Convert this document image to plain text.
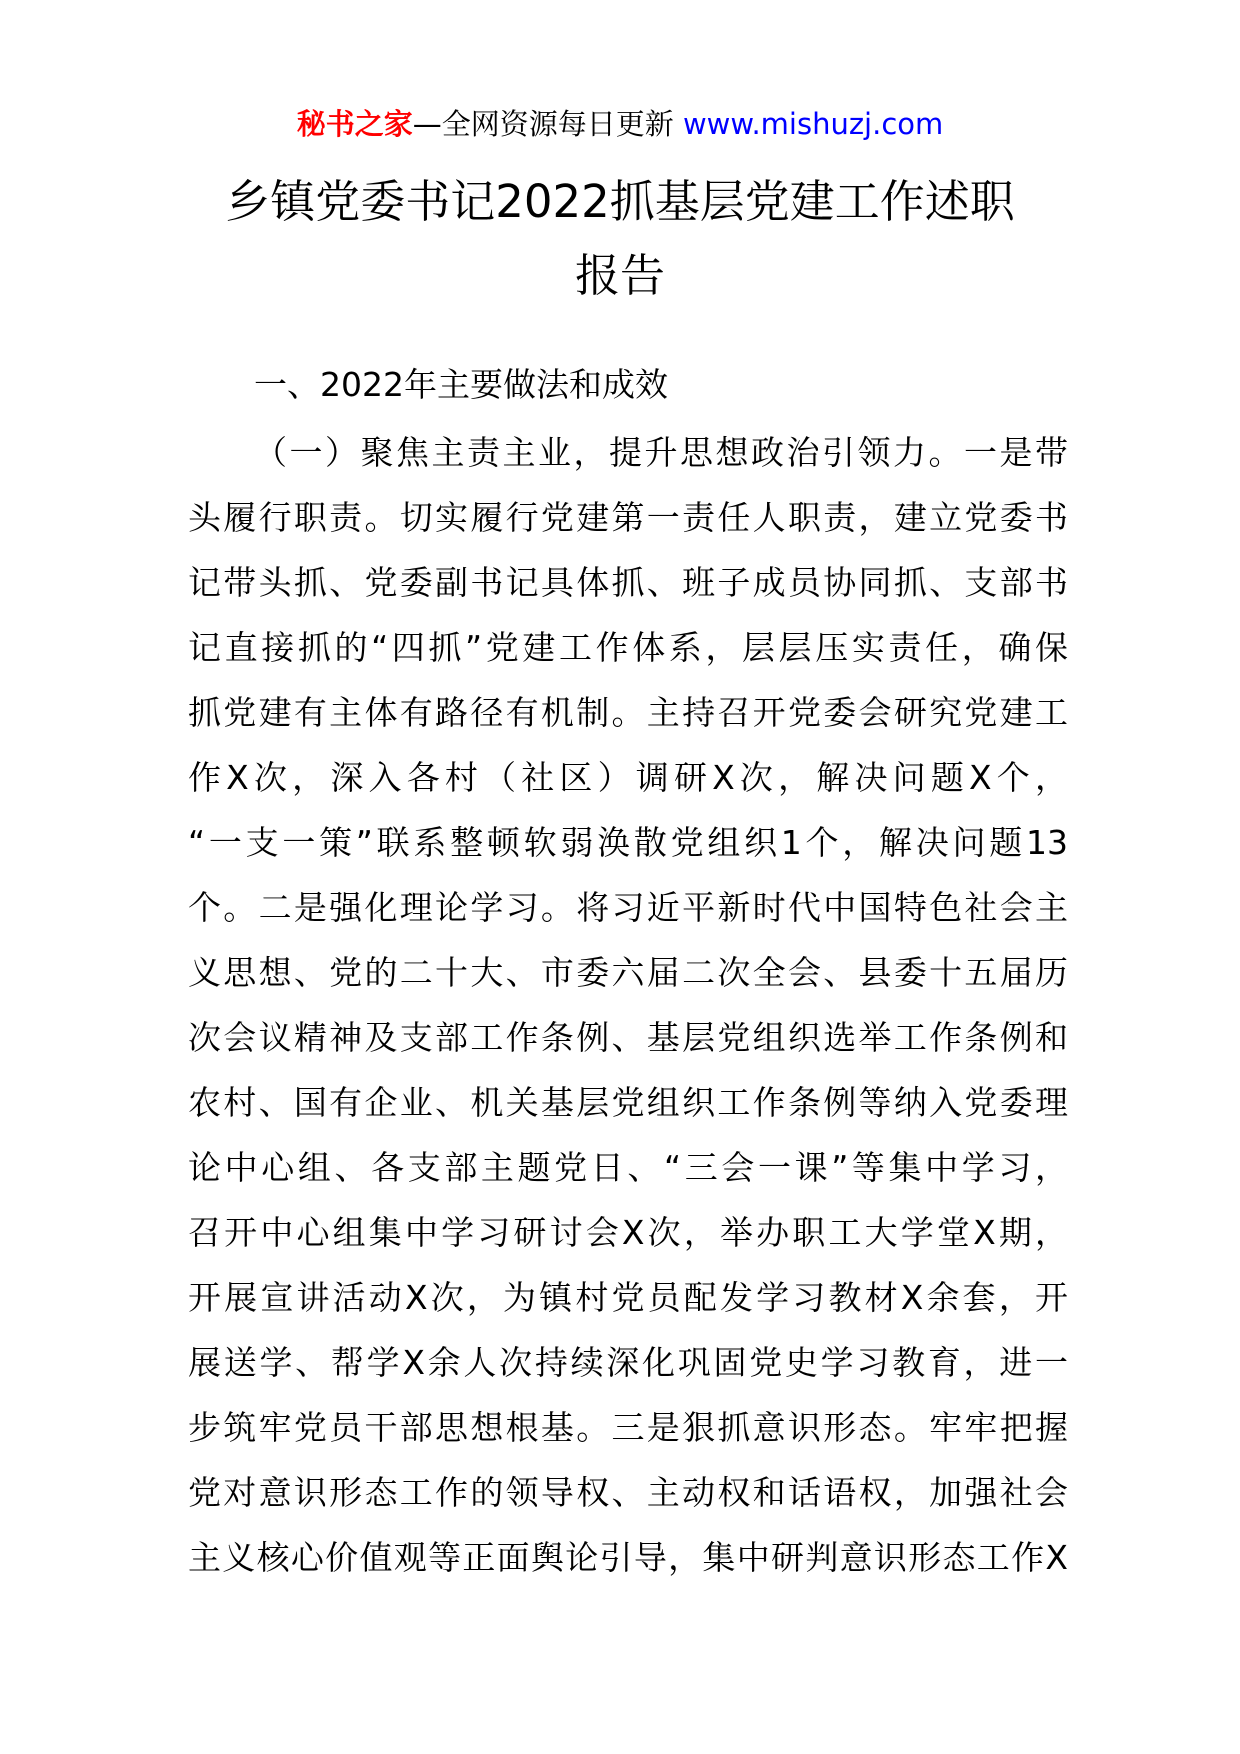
秘书之家—全网资源每日更新 www.mishuzj.com
乡镇党委书记2022抓基层党建工作述职
报告
一、2022年主要做法和成效
（一）聚焦主责主业，提升思想政治引领力。一是带
头履行职责。切实履行党建第一责任人职责，建立党委书
记带头抓、党委副书记具体抓、班子成员协同抓、支部书
记直接抓的“四抓”党建工作体系，层层压实责任，确保
抓党建有主体有路径有机制。主持召开党委会研究党建工
作X次，深入各村（社区）调研X次，解决问题X个，
“一支一策”联系整顿软弱涣散党组织1个，解决问题13
个。二是强化理论学习。将习近平新时代中国特色社会主
义思想、党的二十大、市委六届二次全会、县委十五届历
次会议精神及支部工作条例、基层党组织选举工作条例和
农村、国有企业、机关基层党组织工作条例等纳入党委理
论中心组、各支部主题党日、“三会一课”等集中学习，
召开中心组集中学习研讨会X次，举办职工大学堂X期，
开展宣讲活动X次，为镇村党员配发学习教材X余套，开
展送学、帮学X余人次持续深化巩固党史学习教育，进一
步筑牢党员干部思想根基。三是狠抓意识形态。牢牢把握
党对意识形态工作的领导权、主动权和话语权，加强社会
主义核心价值观等正面舆论引导，集中研判意识形态工作X
